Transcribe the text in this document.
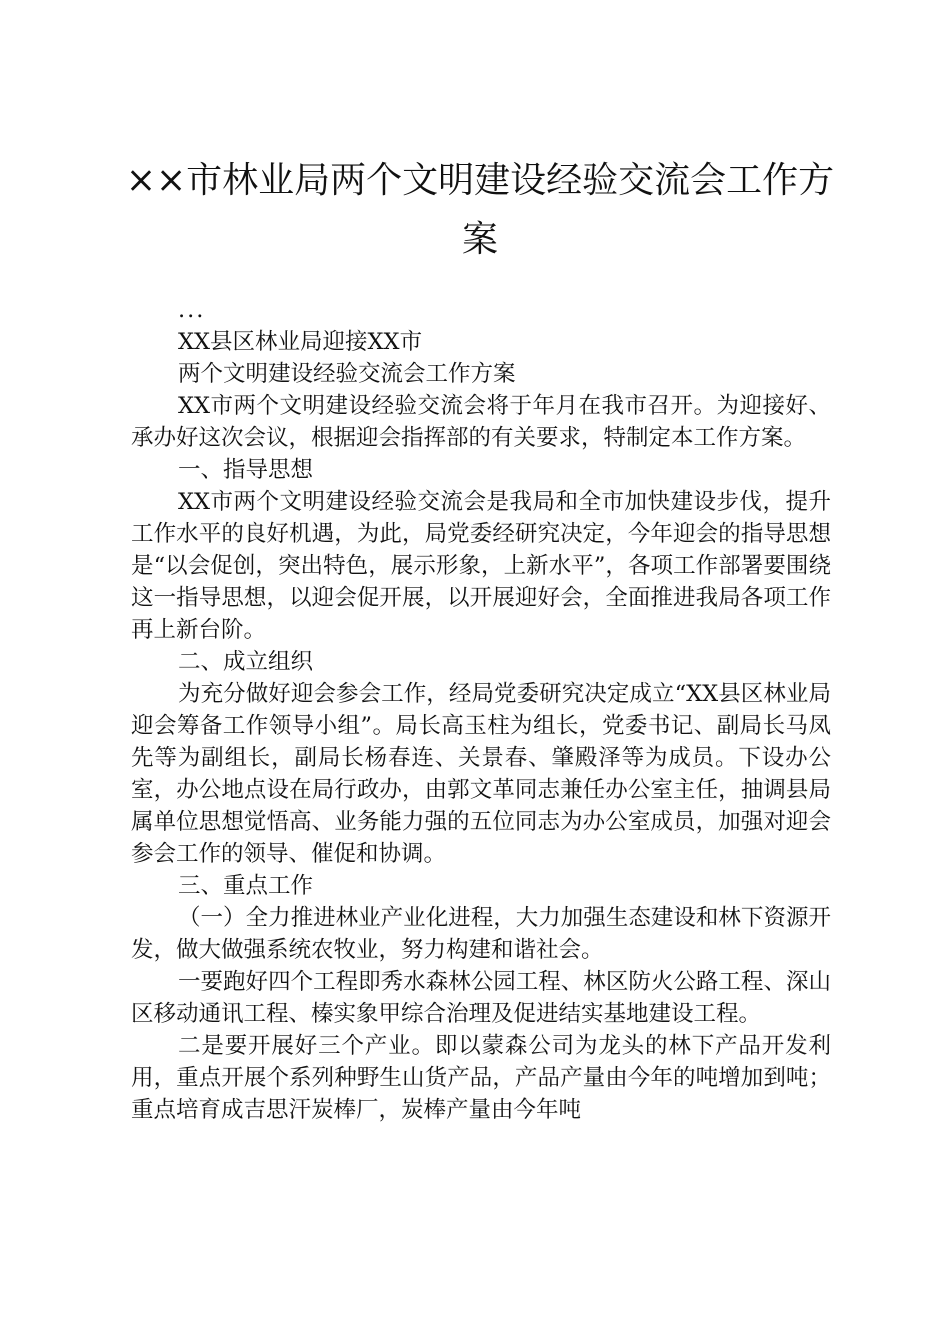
××市林业局两个文明建设经验交流会工作方
案

...

XX县区林业局迎接XX市

两个文明建设经验交流会工作方案

XX市两个文明建设经验交流会将于年月在我市召开。为迎接好、承办好这次会议，根据迎会指挥部的有关要求，特制定本工作方案。

一、指导思想

XX市两个文明建设经验交流会是我局和全市加快建设步伐，提升工作水平的良好机遇，为此，局党委经研究决定，今年迎会的指导思想是“以会促创，突出特色，展示形象，上新水平”，各项工作部署要围绕这一指导思想，以迎会促开展，以开展迎好会，全面推进我局各项工作再上新台阶。

二、成立组织

为充分做好迎会参会工作，经局党委研究决定成立“XX县区林业局迎会筹备工作领导小组”。局长高玉柱为组长，党委书记、副局长马凤先等为副组长，副局长杨春连、关景春、肇殿泽等为成员。下设办公室，办公地点设在局行政办，由郭文革同志兼任办公室主任，抽调县局属单位思想觉悟高、业务能力强的五位同志为办公室成员，加强对迎会参会工作的领导、催促和协调。

三、重点工作

（一）全力推进林业产业化进程，大力加强生态建设和林下资源开发，做大做强系统农牧业，努力构建和谐社会。

一要跑好四个工程即秀水森林公园工程、林区防火公路工程、深山区移动通讯工程、榛实象甲综合治理及促进结实基地建设工程。

二是要开展好三个产业。即以蒙森公司为龙头的林下产品开发利用，重点开展个系列种野生山货产品，产品产量由今年的吨增加到吨；重点培育成吉思汗炭棒厂，炭棒产量由今年吨
